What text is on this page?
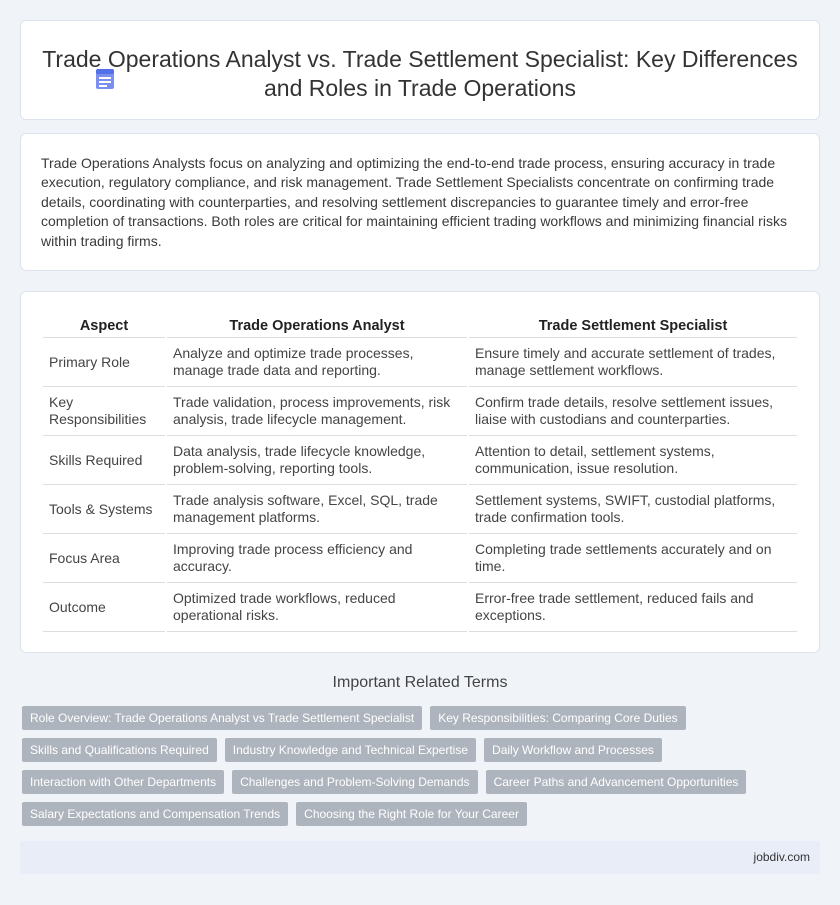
Trade Operations Analyst vs. Trade Settlement Specialist: Key Differences and Roles in Trade Operations

Trade Operations Analysts focus on analyzing and optimizing the end-to-end trade process, ensuring accuracy in trade execution, regulatory compliance, and risk management. Trade Settlement Specialists concentrate on confirming trade details, coordinating with counterparties, and resolving settlement discrepancies to guarantee timely and error-free completion of transactions. Both roles are critical for maintaining efficient trading workflows and minimizing financial risks within trading firms.

Aspect	Trade Operations Analyst	Trade Settlement Specialist
Primary Role	Analyze and optimize trade processes, manage trade data and reporting.	Ensure timely and accurate settlement of trades, manage settlement workflows.
Key Responsibilities	Trade validation, process improvements, risk analysis, trade lifecycle management.	Confirm trade details, resolve settlement issues, liaise with custodians and counterparties.
Skills Required	Data analysis, trade lifecycle knowledge, problem-solving, reporting tools.	Attention to detail, settlement systems, communication, issue resolution.
Tools & Systems	Trade analysis software, Excel, SQL, trade management platforms.	Settlement systems, SWIFT, custodial platforms, trade confirmation tools.
Focus Area	Improving trade process efficiency and accuracy.	Completing trade settlements accurately and on time.
Outcome	Optimized trade workflows, reduced operational risks.	Error-free trade settlement, reduced fails and exceptions.
Important Related Terms
Role Overview: Trade Operations Analyst vs Trade Settlement Specialist	Key Responsibilities: Comparing Core Duties
Skills and Qualifications Required	Industry Knowledge and Technical Expertise	Daily Workflow and Processes
Interaction with Other Departments	Challenges and Problem-Solving Demands	Career Paths and Advancement Opportunities
Salary Expectations and Compensation Trends	Choosing the Right Role for Your Career
jobdiv.com
